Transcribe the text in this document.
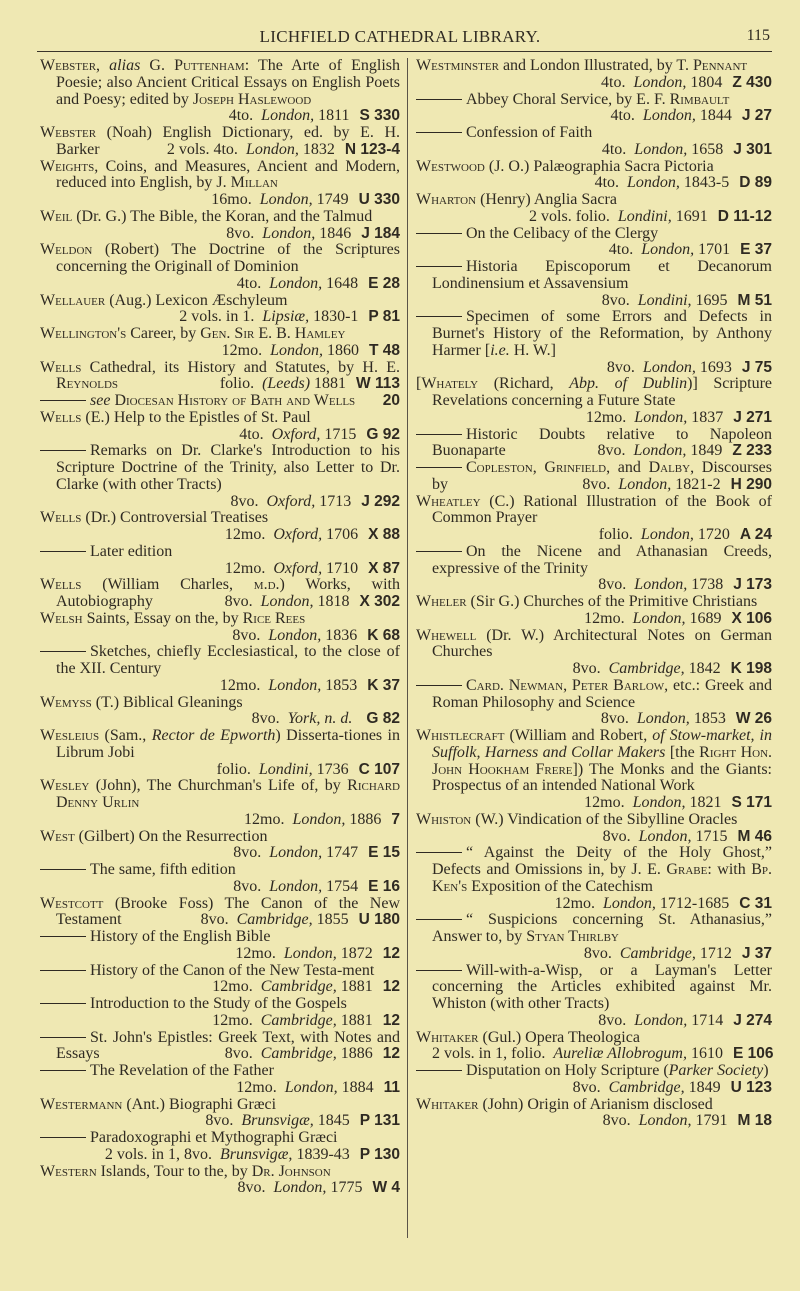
LICHFIELD CATHEDRAL LIBRARY.	115
Webster, alias G. Puttenham: The Arte of English Poesie; also Ancient Critical Essays on English Poets and Poesy; edited by Joseph Haslewood
4to. London, 1811 S 330
Webster (Noah) English Dictionary, ed. by E. H. Barker	2 vols. 4to. London, 1832 N 123-4
Weights, Coins, and Measures, Ancient and Modern, reduced into English, by J. Millan
16mo. London, 1749 U 330
Weil (Dr. G.) The Bible, the Koran, and the Talmud
8vo. London, 1846 J 184
Weldon (Robert) The Doctrine of the Scriptures concerning the Originall of Dominion
4to. London, 1648 E 28
Wellauer (Aug.) Lexicon Æschyleum
2 vols. in 1. Lipsiæ, 1830-1 P 81
Wellington's Career, by Gen. Sir E. B. Hamley
12mo. London, 1860 T 48
Wells Cathedral, its History and Statutes, by H. E. Reynolds	folio. (Leeds) 1881 W 113
see Diocesan History of Bath and Wells	20
Wells (E.) Help to the Epistles of St. Paul
4to. Oxford, 1715 G 92
Remarks on Dr. Clarke's Introduction to his Scripture Doctrine of the Trinity, also Letter to Dr. Clarke (with other Tracts)
8vo. Oxford, 1713 J 292
Wells (Dr.) Controversial Treatises
12mo. Oxford, 1706 X 88
Later edition
12mo. Oxford, 1710 X 87
Wells (William Charles, m.d.) Works, with Autobiography	8vo. London, 1818 X 302
Welsh Saints, Essay on the, by Rice Rees
8vo. London, 1836 K 68
Sketches, chiefly Ecclesiastical, to the close of the XII. Century
12mo. London, 1853 K 37
Wemyss (T.) Biblical Gleanings
8vo. York, n. d. G 82
Wesleius (Sam., Rector de Epworth) Disserta-tiones in Librum Jobi
folio. Londini, 1736 C 107
Wesley (John), The Churchman's Life of, by Richard Denny Urlin
12mo. London, 1886 7
West (Gilbert) On the Resurrection
8vo. London, 1747 E 15
The same, fifth edition
8vo. London, 1754 E 16
Westcott (Brooke Foss) The Canon of the New Testament	8vo. Cambridge, 1855 U 180
History of the English Bible
12mo. London, 1872 12
History of the Canon of the New Testa-ment
12mo. Cambridge, 1881 12
Introduction to the Study of the Gospels
12mo. Cambridge, 1881 12
St. John's Epistles: Greek Text, with Notes and Essays	8vo. Cambridge, 1886 12
The Revelation of the Father
12mo. London, 1884 11
Westermann (Ant.) Biographi Græci
8vo. Brunsvigæ, 1845 P 131
Paradoxographi et Mythographi Græci
2 vols. in 1, 8vo. Brunsvigæ, 1839-43 P 130
Western Islands, Tour to the, by Dr. Johnson
8vo. London, 1775 W 4
Westminster and London Illustrated, by T. Pennant
4to. London, 1804 Z 430
Abbey Choral Service, by E. F. Rimbault
4to. London, 1844 J 27
Confession of Faith
4to. London, 1658 J 301
Westwood (J. O.) Palæographia Sacra Pictoria
4to. London, 1843-5 D 89
Wharton (Henry) Anglia Sacra
2 vols. folio. Londini, 1691 D 11-12
On the Celibacy of the Clergy
4to. London, 1701 E 37
Historia Episcoporum et Decanorum Londinensium et Assavensium
8vo. Londini, 1695 M 51
Specimen of some Errors and Defects in Burnet's History of the Reformation, by Anthony Harmer [i.e. H. W.]
8vo. London, 1693 J 75
[Whately (Richard, Abp. of Dublin)] Scripture Revelations concerning a Future State
12mo. London, 1837 J 271
Historic Doubts relative to Napoleon Buonaparte	8vo. London, 1849 Z 233
Copleston, Grinfield, and Dalby, Discourses by	8vo. London, 1821-2 H 290
Wheatley (C.) Rational Illustration of the Book of Common Prayer
folio. London, 1720 A 24
On the Nicene and Athanasian Creeds, expressive of the Trinity
8vo. London, 1738 J 173
Wheler (Sir G.) Churches of the Primitive Christians
12mo. London, 1689 X 106
Whewell (Dr. W.) Architectural Notes on German Churches
8vo. Cambridge, 1842 K 198
Card. Newman, Peter Barlow, etc.: Greek and Roman Philosophy and Science
8vo. London, 1853 W 26
Whistlecraft (William and Robert, of Stow-market, in Suffolk, Harness and Collar Makers [the Right Hon. John Hookham Frere]) The Monks and the Giants: Prospectus of an intended National Work
12mo. London, 1821 S 171
Whiston (W.) Vindication of the Sibylline Oracles
8vo. London, 1715 M 46
“ Against the Deity of the Holy Ghost,” Defects and Omissions in, by J. E. Grabe: with Bp. Ken's Exposition of the Catechism
12mo. London, 1712-1685 C 31
“ Suspicions concerning St. Athanasius,” Answer to, by Styan Thirlby
8vo. Cambridge, 1712 J 37
Will-with-a-Wisp, or a Layman's Letter concerning the Articles exhibited against Mr. Whiston (with other Tracts)
8vo. London, 1714 J 274
Whitaker (Gul.) Opera Theologica
2 vols. in 1, folio. Aureliæ Allobrogum, 1610 E 106
Disputation on Holy Scripture (Parker Society)
8vo. Cambridge, 1849 U 123
Whitaker (John) Origin of Arianism disclosed
8vo. London, 1791 M 18
